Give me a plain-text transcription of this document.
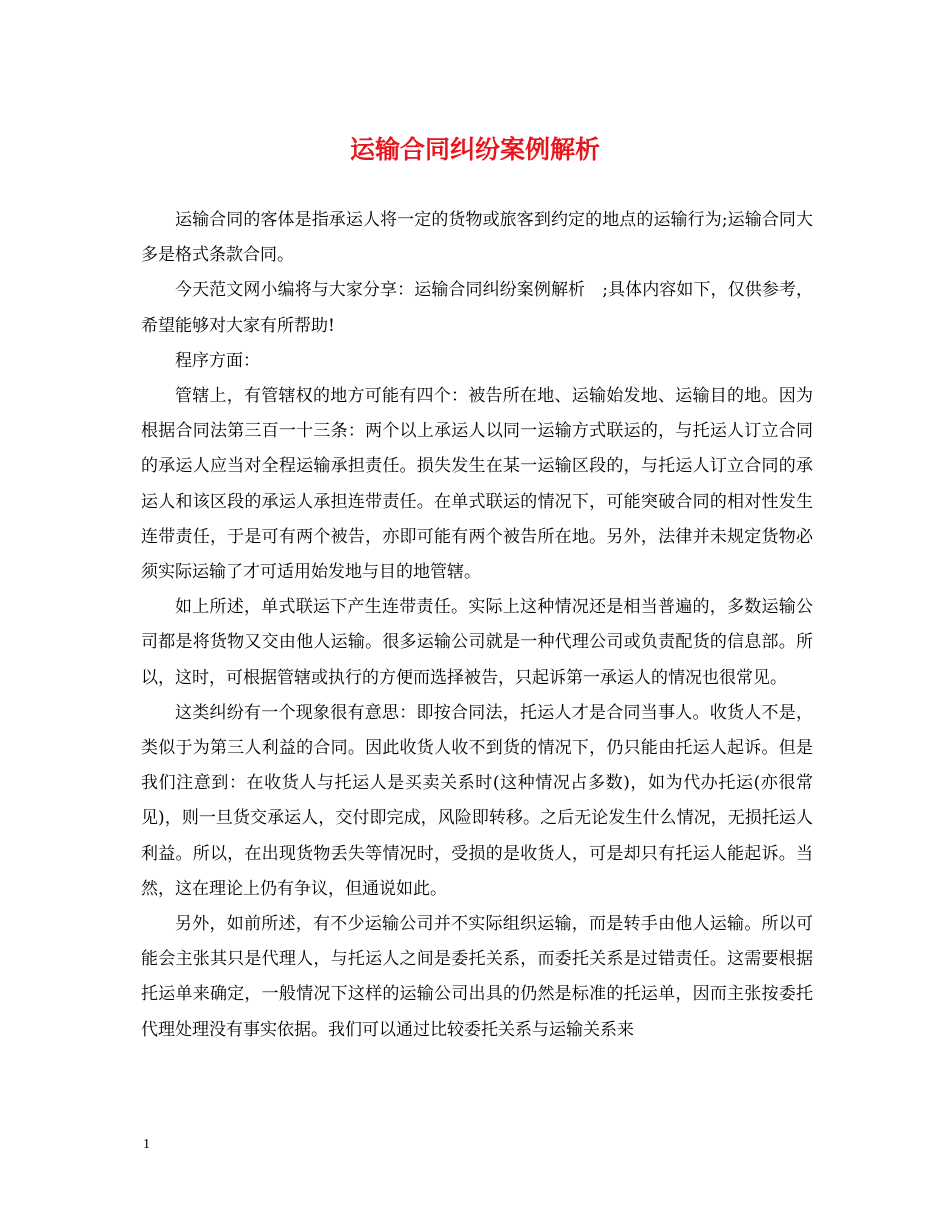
运输合同纠纷案例解析

运输合同的客体是指承运人将一定的货物或旅客到约定的地点的运输行为;运输合同大多是格式条款合同。

今天范文网小编将与大家分享：运输合同纠纷案例解析　;具体内容如下，仅供参考，希望能够对大家有所帮助!

程序方面：

管辖上，有管辖权的地方可能有四个：被告所在地、运输始发地、运输目的地。因为根据合同法第三百一十三条：两个以上承运人以同一运输方式联运的，与托运人订立合同的承运人应当对全程运输承担责任。损失发生在某一运输区段的，与托运人订立合同的承运人和该区段的承运人承担连带责任。在单式联运的情况下，可能突破合同的相对性发生连带责任，于是可有两个被告，亦即可能有两个被告所在地。另外，法律并未规定货物必须实际运输了才可适用始发地与目的地管辖。

如上所述，单式联运下产生连带责任。实际上这种情况还是相当普遍的，多数运输公司都是将货物又交由他人运输。很多运输公司就是一种代理公司或负责配货的信息部。所以，这时，可根据管辖或执行的方便而选择被告，只起诉第一承运人的情况也很常见。

这类纠纷有一个现象很有意思：即按合同法，托运人才是合同当事人。收货人不是，类似于为第三人利益的合同。因此收货人收不到货的情况下，仍只能由托运人起诉。但是我们注意到：在收货人与托运人是买卖关系时(这种情况占多数)，如为代办托运(亦很常见)，则一旦货交承运人，交付即完成，风险即转移。之后无论发生什么情况，无损托运人利益。所以，在出现货物丢失等情况时，受损的是收货人，可是却只有托运人能起诉。当然，这在理论上仍有争议，但通说如此。

另外，如前所述，有不少运输公司并不实际组织运输，而是转手由他人运输。所以可能会主张其只是代理人，与托运人之间是委托关系，而委托关系是过错责任。这需要根据托运单来确定，一般情况下这样的运输公司出具的仍然是标准的托运单，因而主张按委托代理处理没有事实依据。我们可以通过比较委托关系与运输关系来

1
